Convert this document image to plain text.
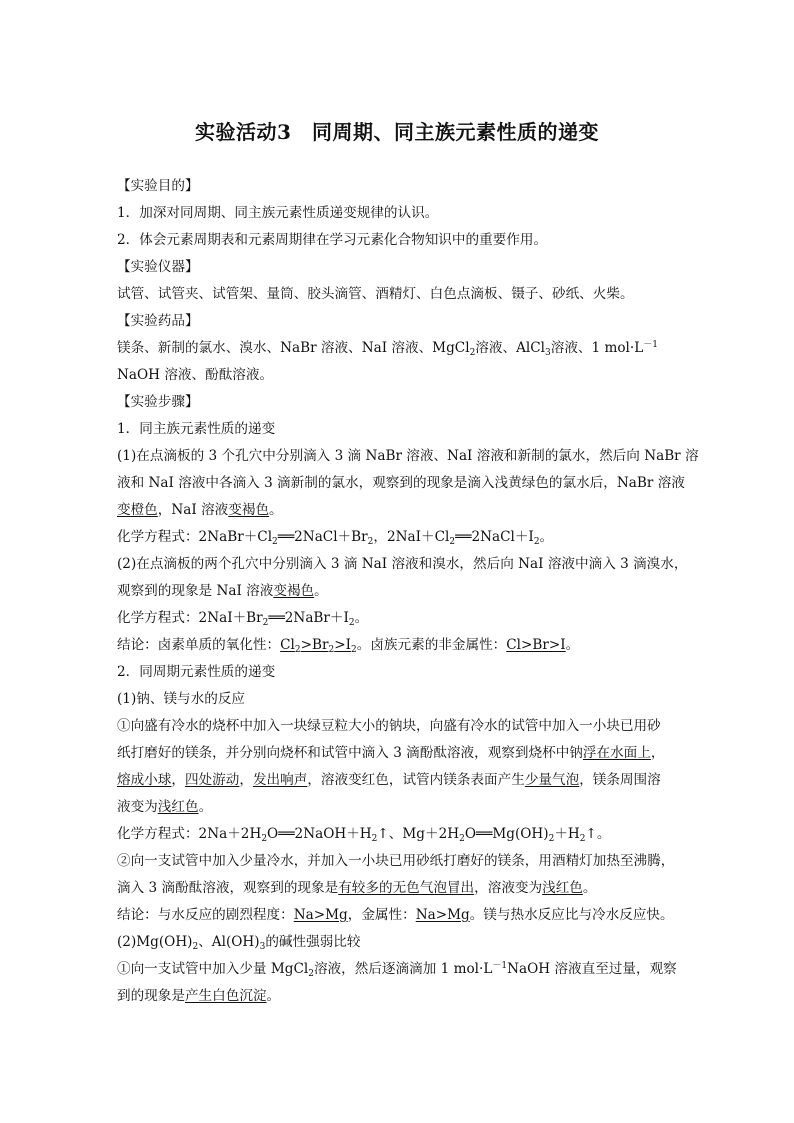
实验活动3　同周期、同主族元素性质的递变
【实验目的】
1．加深对同周期、同主族元素性质递变规律的认识。
2．体会元素周期表和元素周期律在学习元素化合物知识中的重要作用。
【实验仪器】
试管、试管夹、试管架、量筒、胶头滴管、酒精灯、白色点滴板、镊子、砂纸、火柴。
【实验药品】
镁条、新制的氯水、溴水、NaBr 溶液、NaI 溶液、MgCl$_2$溶液、AlCl$_3$溶液、1 $mol\cdot L^{-1}$
NaOH 溶液、酚酞溶液。
【实验步骤】
1．同主族元素性质的递变
(1)在点滴板的 3 个孔穴中分别滴入 3 滴 NaBr 溶液、NaI 溶液和新制的氯水，然后向 NaBr 溶
液和 NaI 溶液中各滴入 3 滴新制的氯水，观察到的现象是滴入浅黄绿色的氯水后，NaBr 溶液
变橙色，NaI 溶液变褐色。
化学方程式：$2NaBr+Cl_2══2NaCl+Br_2$，$2NaI+Cl_2══2NaCl+I_2$。
(2)在点滴板的两个孔穴中分别滴入 3 滴 NaI 溶液和溴水，然后向 NaI 溶液中滴入 3 滴溴水，
观察到的现象是 NaI 溶液变褐色。
化学方程式：$2NaI+Br_2══2NaBr+I_2$。
结论：卤素单质的氧化性：$Cl_2>Br_2>I_2$。卤族元素的非金属性：Cl>Br>I。
2．同周期元素性质的递变
(1)钠、镁与水的反应
①向盛有冷水的烧杯中加入一块绿豆粒大小的钠块，向盛有冷水的试管中加入一小块已用砂
纸打磨好的镁条，并分别向烧杯和试管中滴入 3 滴酚酞溶液，观察到烧杯中钠浮在水面上，
熔成小球，四处游动，发出响声，溶液变红色，试管内镁条表面产生少量气泡，镁条周围溶
液变为浅红色。
化学方程式：$2Na+2H_2O══2NaOH+H_2↑$、$Mg+2H_2O══Mg(OH)_2+H_2↑$。
②向一支试管中加入少量冷水，并加入一小块已用砂纸打磨好的镁条，用酒精灯加热至沸腾，
滴入 3 滴酚酞溶液，观察到的现象是有较多的无色气泡冒出，溶液变为浅红色。
结论：与水反应的剧烈程度：Na>Mg，金属性：Na>Mg。镁与热水反应比与冷水反应快。
$(2)Mg(OH)_2$、$Al(OH)_3$的碱性强弱比较
①向一支试管中加入少量 MgCl$_2$溶液，然后逐滴滴加 1 $mol\cdot L^{-1}NaOH$ 溶液直至过量，观察
到的现象是产生白色沉淀。
